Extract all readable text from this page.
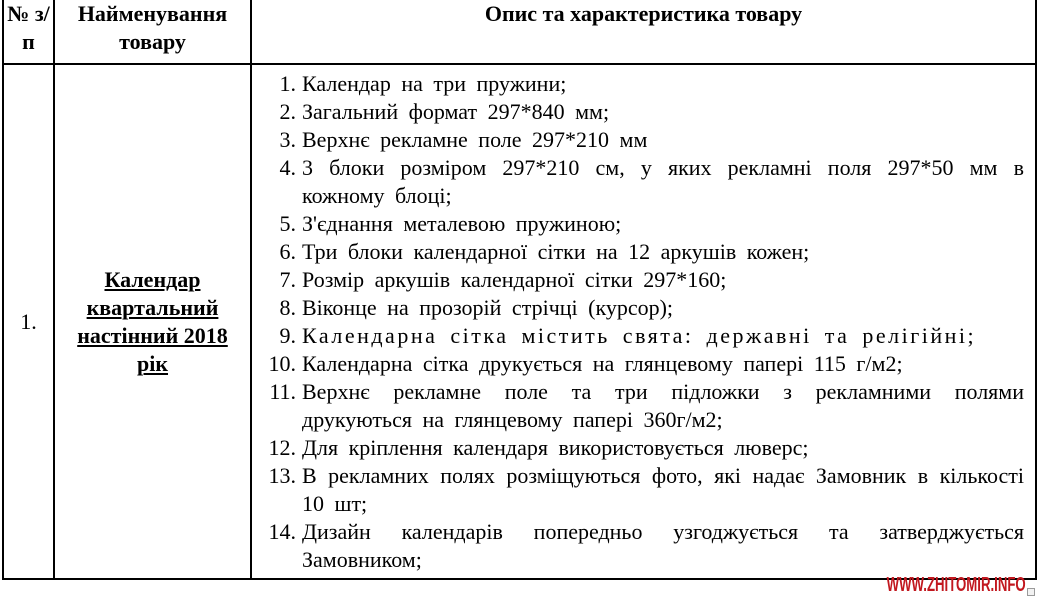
№ з/п	Найменування товару	Опис та характеристика товару
1.	Календар квартальний настінний 2018 рік	
1. Календар на три пружини;
2. Загальний формат 297*840 мм;
3. Верхнє рекламне поле 297*210 мм
4. 3 блоки розміром 297*210 см, у яких рекламні поля 297*50 мм в кожному блоці;
5. З'єднання металевою пружиною;
6. Три блоки календарної сітки на 12 аркушів кожен;
7. Розмір аркушів календарної сітки 297*160;
8. Віконце на прозорій стрічці (курсор);
9. Календарна сітка містить свята: державні та релігійні;
10. Календарна сітка друкується на глянцевому папері 115 г/м2;
11. Верхнє рекламне поле та три підложки з рекламними полями друкуються на глянцевому папері 360г/м2;
12. Для кріплення календаря використовується люверс;
13. В рекламних полях розміщуються фото, які надає Замовник в кількості 10 шт;
14. Дизайн календарів попередньо узгоджується та затверджується Замовником;
WWW.ZHITOMIR.INFO
